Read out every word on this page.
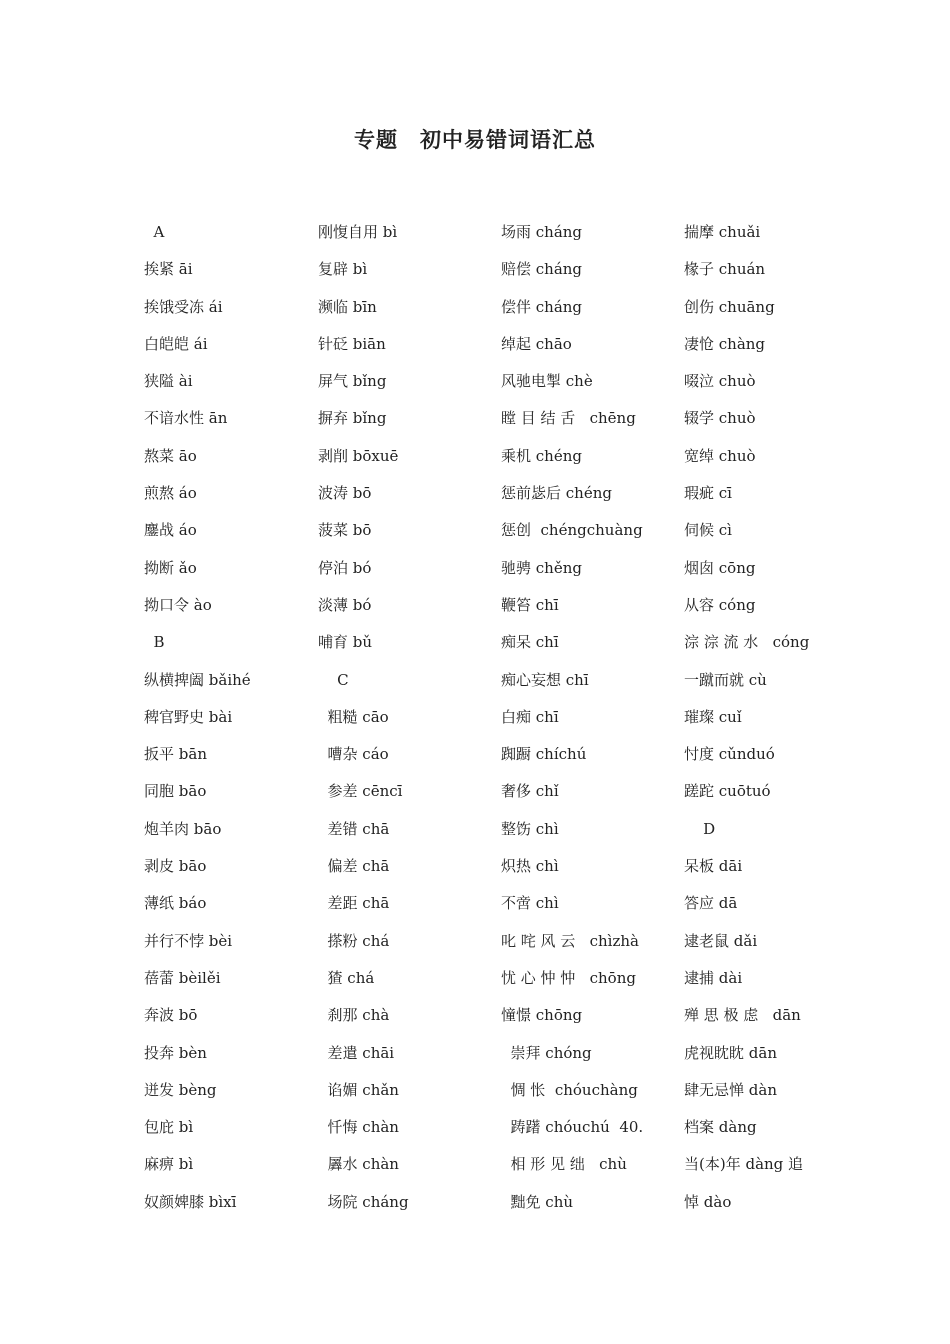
专题　初中易错词语汇总
A
挨紧 āi
挨饿受冻 ái
白皑皑 ái
狭隘 ài
不谙水性 ān
熬菜 āo
煎熬 áo
鏖战 áo
拗断 ǎo
拗口令 ào
B
纵横捭阖 bǎihé
稗官野史 bài
扳平 bān
同胞 bāo
炮羊肉 bāo
剥皮 bāo
薄纸 báo
并行不悖 bèi
蓓蕾 bèilěi
奔波 bō
投奔 bèn
迸发 bèng
包庇 bì
麻痹 bì
奴颜婢膝 bìxī
刚愎自用 bì
复辟 bì
濒临 bīn
针砭 biān
屏气 bǐng
摒弃 bǐng
剥削 bōxuē
波涛 bō
菠菜 bō
停泊 bó
淡薄 bó
哺育 bǔ
C
粗糙 cāo
嘈杂 cáo
参差 cēncī
差错 chā
偏差 chā
差距 chā
搽粉 chá
猹 chá
刹那 chà
差遣 chāi
谄媚 chǎn
忏悔 chàn
羼水 chàn
场院 cháng
场雨 cháng
赔偿 cháng
偿伴 cháng
绰起 chāo
风驰电掣 chè
瞠 目 结 舌   chēng
乘机 chéng
惩前毖后 chéng
惩创  chéngchuàng
驰骋 chěng
鞭笞 chī
痴呆 chī
痴心妄想 chī
白痴 chī
踟蹰 chíchú
奢侈 chǐ
整饬 chì
炽热 chì
不啻 chì
叱 咤 风 云   chìzhà
忧 心 忡 忡   chōng
憧憬 chōng
崇拜 chóng
惆 怅  chóuchàng
踌躇 chóuchú  40.
相 形 见 绌   chù
黜免 chù
揣摩 chuǎi
椽子 chuán
创伤 chuāng
凄怆 chàng
啜泣 chuò
辍学 chuò
宽绰 chuò
瑕疵 cī
伺候 cì
烟囱 cōng
从容 cóng
淙 淙 流 水   cóng
一蹴而就 cù
璀璨 cuǐ
忖度 cǔnduó
蹉跎 cuōtuó
D
呆板 dāi
答应 dā
逮老鼠 dǎi
逮捕 dài
殚 思 极 虑   dān
虎视眈眈 dān
肆无忌惮 dàn
档案 dàng
当(本)年 dàng 追
悼 dào
